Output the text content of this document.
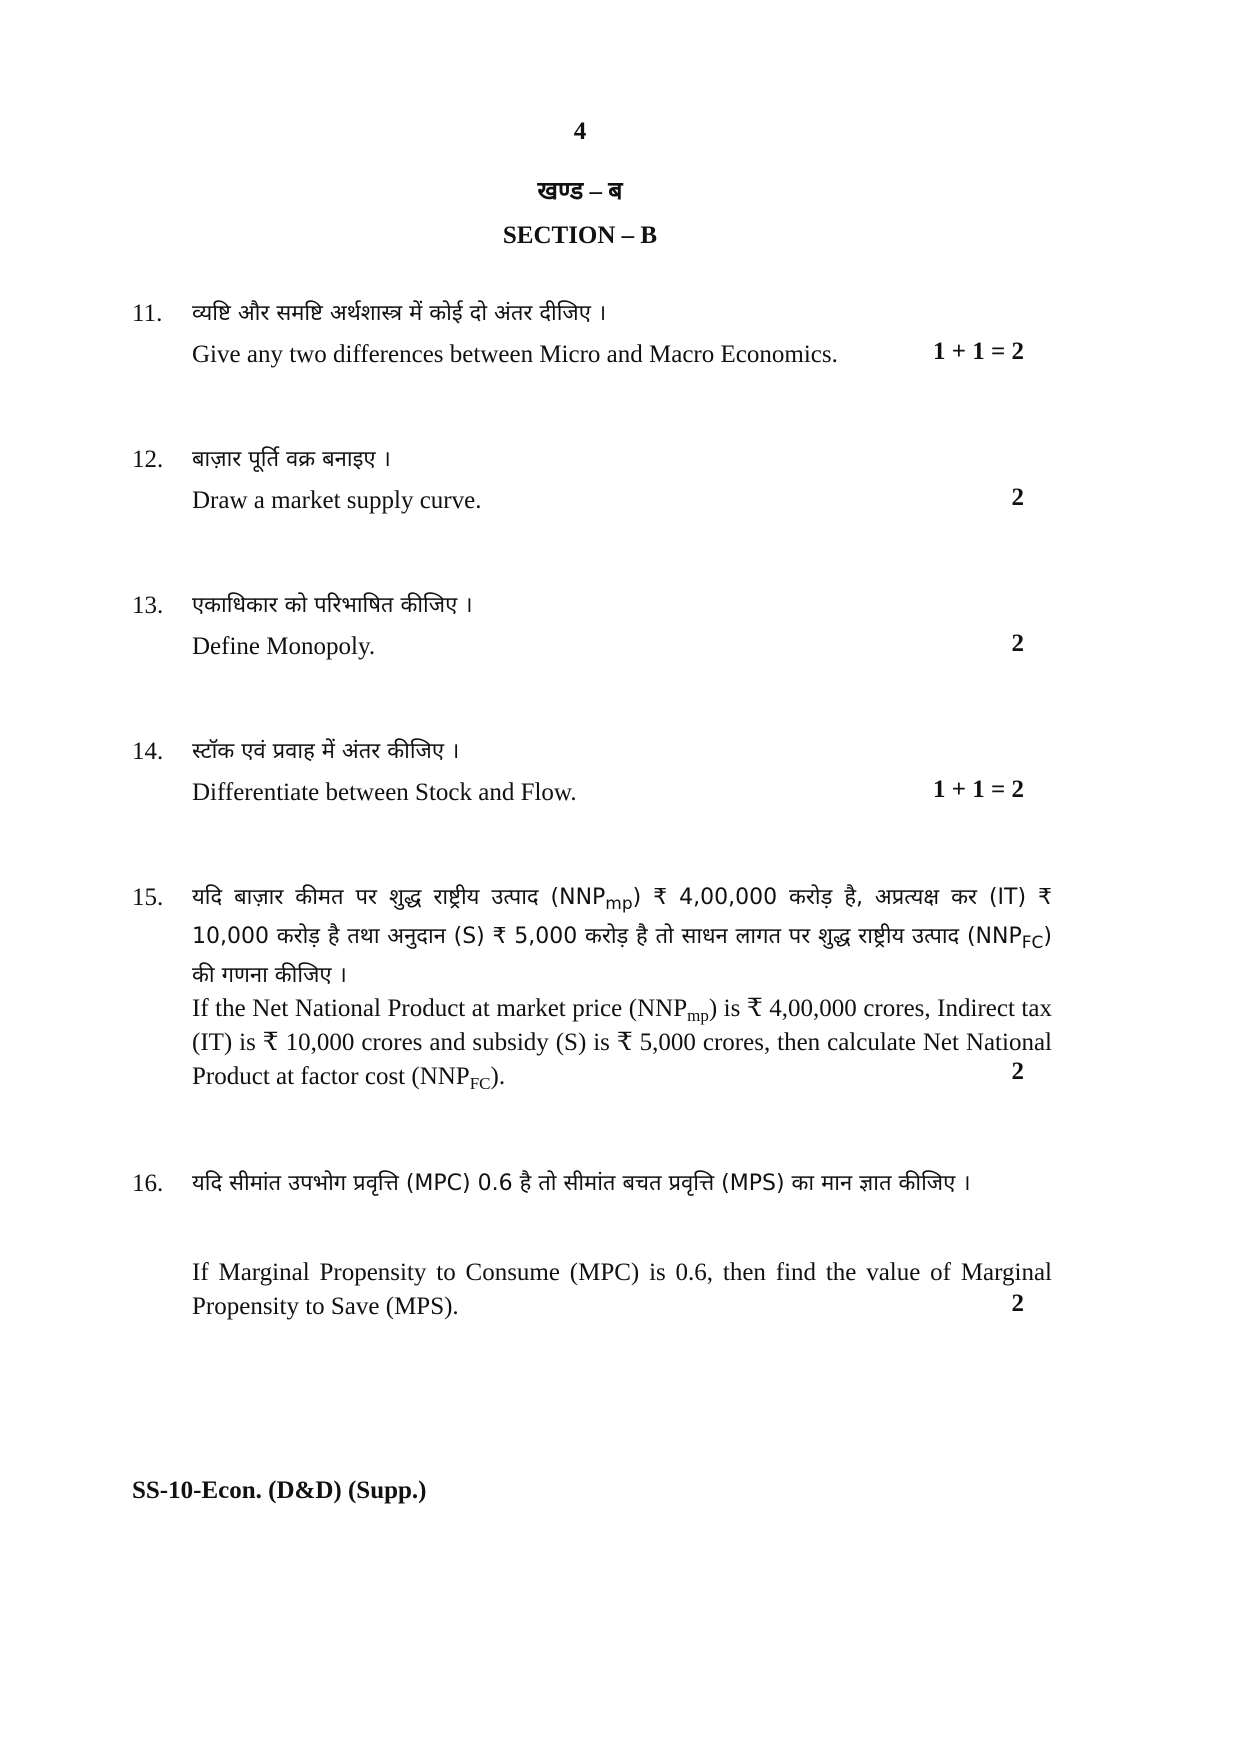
4
खण्ड – ब
SECTION – B
11. व्यष्टि और समष्टि अर्थशास्त्र में कोई दो अंतर दीजिए ।
Give any two differences between Micro and Macro Economics.	1 + 1 = 2
12. बाज़ार पूर्ति वक्र बनाइए ।
Draw a market supply curve.	2
13. एकाधिकार को परिभाषित कीजिए ।
Define Monopoly.	2
14. स्टॉक एवं प्रवाह में अंतर कीजिए ।
Differentiate between Stock and Flow.	1 + 1 = 2
15. यदि बाज़ार कीमत पर शुद्ध राष्ट्रीय उत्पाद $(NNP_{mp})$ ₹ 4,00,000 करोड़ है, अप्रत्यक्ष कर (IT) ₹ 10,000 करोड़ है तथा अनुदान (S) ₹ 5,000 करोड़ है तो साधन लागत पर शुद्ध राष्ट्रीय उत्पाद $(NNP_{FC})$ की गणना कीजिए ।
If the Net National Product at market price $(NNP_{mp})$ is ₹ 4,00,000 crores, Indirect tax (IT) is ₹ 10,000 crores and subsidy (S) is ₹ 5,000 crores, then calculate Net National Product at factor cost $(NNP_{FC})$.	2
16. यदि सीमांत उपभोग प्रवृत्ति (MPC) 0.6 है तो सीमांत बचत प्रवृत्ति (MPS) का मान ज्ञात कीजिए ।
If Marginal Propensity to Consume (MPC) is 0.6, then find the value of Marginal Propensity to Save (MPS).	2
SS-10-Econ. (D&D) (Supp.)
